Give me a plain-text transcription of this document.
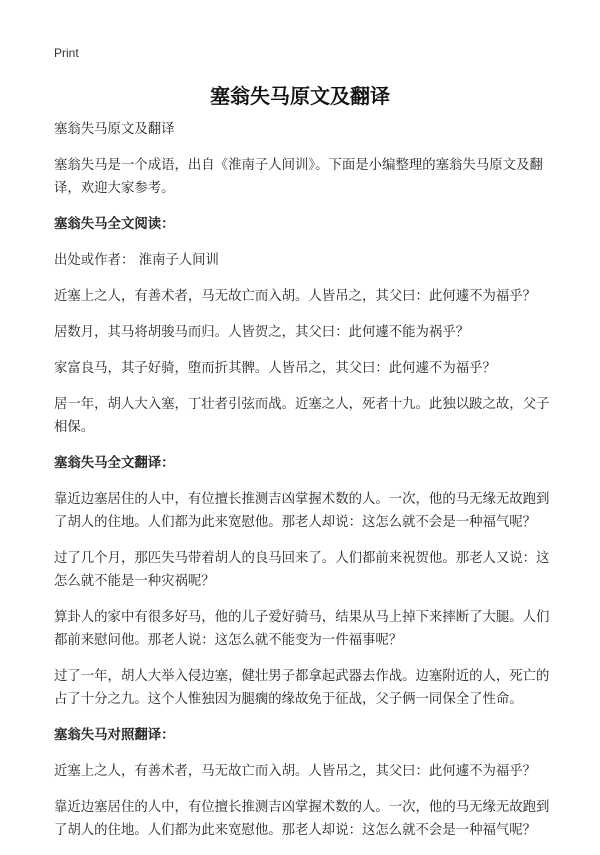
Print
塞翁失马原文及翻译

塞翁失马原文及翻译

塞翁失马是一个成语，出自《淮南子人间训》。下面是小编整理的塞翁失马原文及翻译，欢迎大家参考。

塞翁失马全文阅读：

出处或作者： 淮南子人间训

近塞上之人，有善术者，马无故亡而入胡。人皆吊之，其父曰：此何遽不为福乎？

居数月，其马将胡骏马而归。人皆贺之，其父曰：此何遽不能为祸乎？

家富良马，其子好骑，堕而折其髀。人皆吊之，其父曰：此何遽不为福乎？

居一年，胡人大入塞，丁壮者引弦而战。近塞之人，死者十九。此独以跛之故，父子相保。

塞翁失马全文翻译：

靠近边塞居住的人中，有位擅长推测吉凶掌握术数的人。一次，他的马无缘无故跑到了胡人的住地。人们都为此来宽慰他。那老人却说：这怎么就不会是一种福气呢？

过了几个月，那匹失马带着胡人的良马回来了。人们都前来祝贺他。那老人又说：这怎么就不能是一种灾祸呢？

算卦人的家中有很多好马，他的儿子爱好骑马，结果从马上掉下来摔断了大腿。人们都前来慰问他。那老人说：这怎么就不能变为一件福事呢？

过了一年，胡人大举入侵边塞，健壮男子都拿起武器去作战。边塞附近的人，死亡的占了十分之九。这个人惟独因为腿瘸的缘故免于征战，父子俩一同保全了性命。

塞翁失马对照翻译：

近塞上之人，有善术者，马无故亡而入胡。人皆吊之，其父曰：此何遽不为福乎？

靠近边塞居住的人中，有位擅长推测吉凶掌握术数的人。一次，他的马无缘无故跑到了胡人的住地。人们都为此来宽慰他。那老人却说：这怎么就不会是一种福气呢？
